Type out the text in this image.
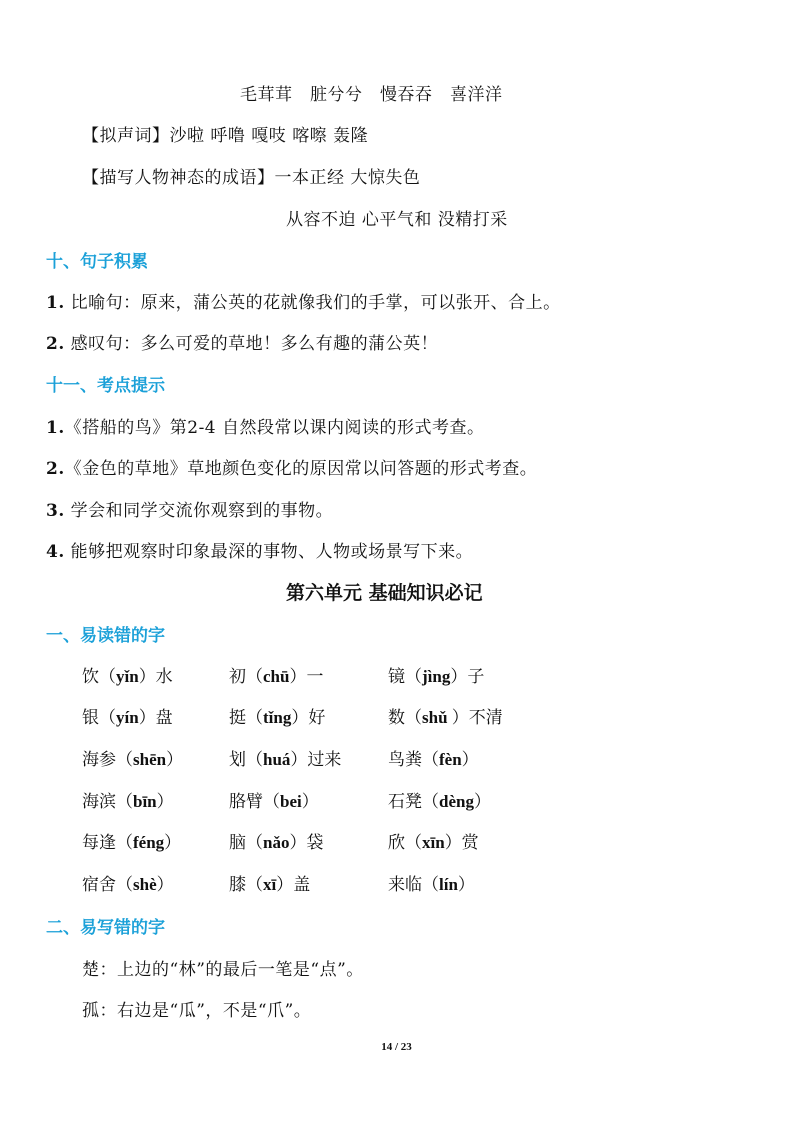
毛茸茸　脏兮兮　慢吞吞　喜洋洋
【拟声词】沙啦 呼噜 嘎吱 喀嚓 轰隆
【描写人物神态的成语】一本正经 大惊失色
从容不迫 心平气和 没精打采
十、句子积累
1. 比喻句：原来，蒲公英的花就像我们的手掌，可以张开、合上。
2. 感叹句：多么可爱的草地！多么有趣的蒲公英！
十一、考点提示
1.《搭船的鸟》第2-4 自然段常以课内阅读的形式考查。
2.《金色的草地》草地颜色变化的原因常以问答题的形式考查。
3. 学会和同学交流你观察到的事物。
4. 能够把观察时印象最深的事物、人物或场景写下来。
第六单元 基础知识必记
一、易读错的字
饮（yǐn）水	初（chū）一	镜（jìng）子
银（yín）盘	挺（tǐng）好	数（shǔ ）不清
海参（shēn）	划（huá）过来	鸟粪（fèn）
海滨（bīn）	胳臂（bei）	石凳（dèng）
每逢（féng）	脑（nǎo）袋	欣（xīn）赏
宿舍（shè）	膝（xī）盖	来临（lín）
二、易写错的字
楚：上边的“林”的最后一笔是“点”。
孤：右边是“瓜”，不是“爪”。
14 / 23
